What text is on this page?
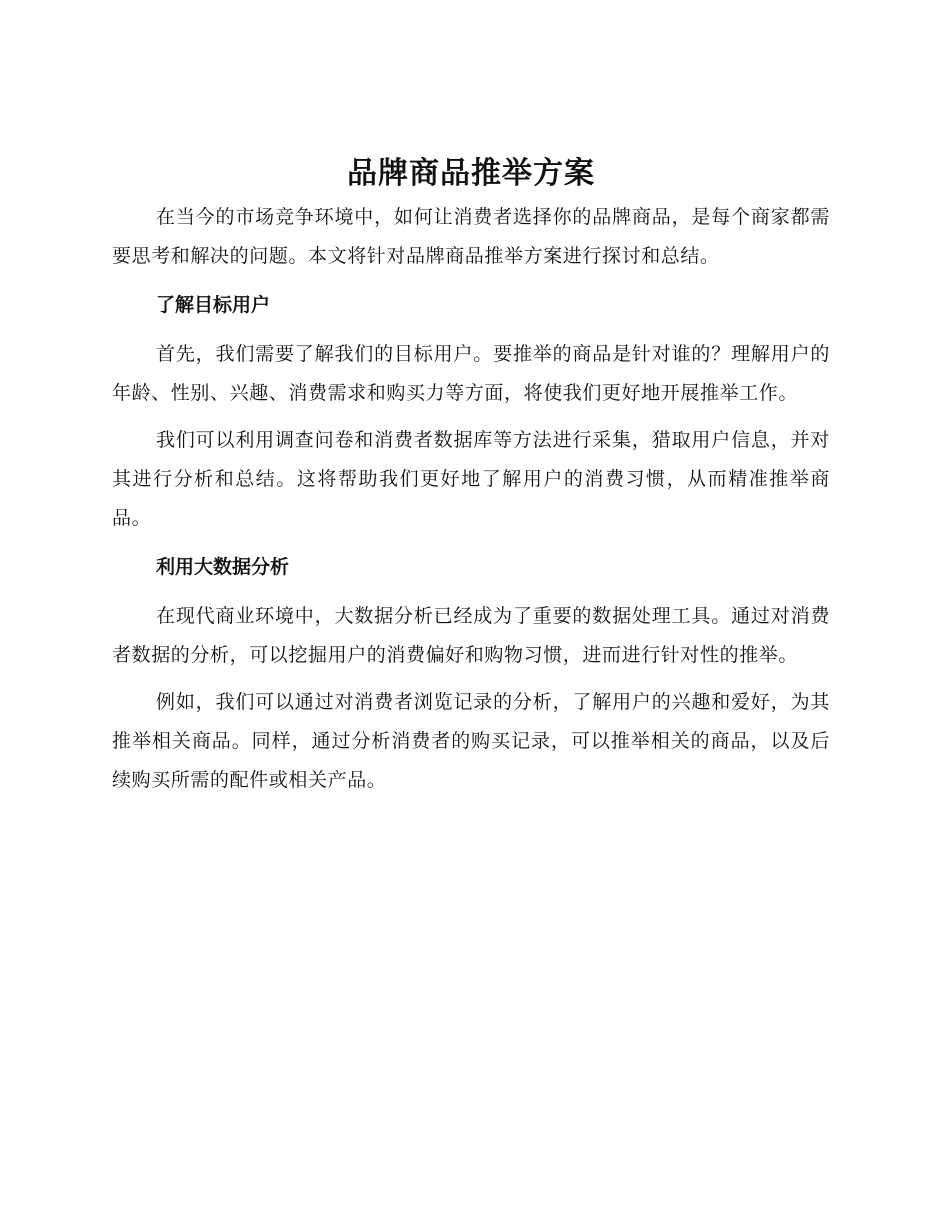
品牌商品推举方案

在当今的市场竞争环境中，如何让消费者选择你的品牌商品，是每个商家都需要思考和解决的问题。本文将针对品牌商品推举方案进行探讨和总结。

了解目标用户

首先，我们需要了解我们的目标用户。要推举的商品是针对谁的？理解用户的年龄、性别、兴趣、消费需求和购买力等方面，将使我们更好地开展推举工作。

我们可以利用调查问卷和消费者数据库等方法进行采集，猎取用户信息，并对其进行分析和总结。这将帮助我们更好地了解用户的消费习惯，从而精准推举商品。

利用大数据分析

在现代商业环境中，大数据分析已经成为了重要的数据处理工具。通过对消费者数据的分析，可以挖掘用户的消费偏好和购物习惯，进而进行针对性的推举。

例如，我们可以通过对消费者浏览记录的分析，了解用户的兴趣和爱好，为其推举相关商品。同样，通过分析消费者的购买记录，可以推举相关的商品，以及后续购买所需的配件或相关产品。
